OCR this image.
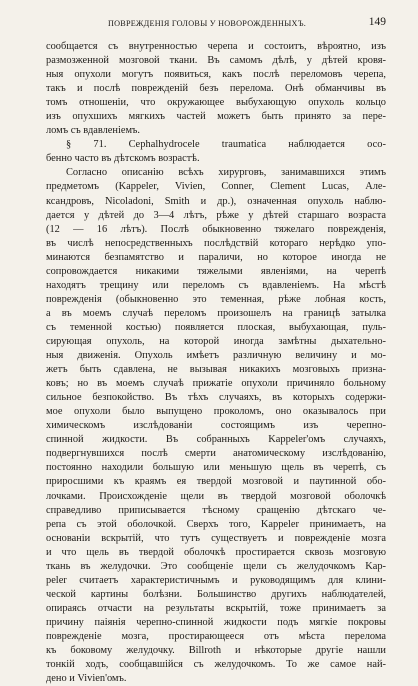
ПОВРЕЖДЕНІЯ ГОЛОВЫ У НОВОРОЖДЕННЫХЪ.	149
сообщается съ внутренностью черепа и состоитъ, вѣроятно, изъ
размозженной мозговой ткани. Въ самомъ дѣлѣ, у дѣтей кровя-
ныя опухоли могутъ появиться, какъ послѣ переломовъ черепа,
такъ и послѣ поврежденій безъ перелома. Онѣ обманчивы въ
томъ отношеніи, что окружающее выбухающую опухоль кольцо
изъ опухшихъ мягкихъ частей можетъ быть принято за пере-
ломъ съ вдавленіемъ.
§ 71. Cephalhydrocele traumatica наблюдается осо-
бенно часто въ дѣтскомъ возрастѣ.
Согласно описанію всѣхъ хирурговъ, занимавшихся этимъ
предметомъ (Kappeler, Vivien, Conner, Clement Lucas, Але-
ксандровъ, Nicoladoni, Smith и др.), означенная опухоль наблю-
дается у дѣтей до 3—4 лѣтъ, рѣже у дѣтей старшаго возраста
(12 — 16 лѣтъ). Послѣ обыкновенно тяжелаго поврежденія,
въ числѣ непосредственныхъ послѣдствій котораго нерѣдко упо-
минаются безпамятство и параличи, но которое иногда не
сопровождается никакими тяжелыми явленіями, на черепѣ
находятъ трещину или переломъ съ вдавленіемъ. На мѣстѣ
поврежденія (обыкновенно это теменная, рѣже лобная кость,
а въ моемъ случаѣ переломъ произошелъ на границѣ затылка
съ теменной костью) появляется плоская, выбухающая, пуль-
сирующая опухоль, на которой иногда замѣтны дыхательно-
ныя движенія. Опухоль имѣетъ различную величину и мо-
жетъ быть сдавлена, не вызывая никакихъ мозговыхъ призна-
ковъ; но въ моемъ случаѣ прижатіе опухоли причиняло больному
сильное безпокойство. Въ тѣхъ случаяхъ, въ которыхъ содержи-
мое опухоли было выпущено проколомъ, оно оказывалось при
химическомъ изслѣдованіи состоящимъ изъ черепно-
спинной жидкости. Въ собранныхъ Kappeler'омъ случаяхъ,
подвергнувшихся послѣ смерти анатомическому изслѣдованію,
постоянно находили большую или меньшую щель въ черепѣ, съ
приросшими къ краямъ ея твердой мозговой и паутинной обо-
лочками. Происхожденіе щели въ твердой мозговой оболочкѣ
справедливо приписывается тѣсному сращенію дѣтскаго че-
репа съ этой оболочкой. Сверхъ того, Kappeler принимаетъ, на
основаніи вскрытій, что тутъ существуетъ и поврежденіе мозга
и что щель въ твердой оболочкѣ простирается сквозь мозговую
ткань въ желудочки. Это сообщеніе щели съ желудочкомъ Kap-
peler считаетъ характеристичнымъ и руководящимъ для клини-
ческой картины болѣзни. Большинство другихъ наблюдателей,
опираясь отчасти на результаты вскрытій, тоже принимаетъ за
причину паіянія черепно-спинной жидкости подъ мягкіе покровы
поврежденіе мозга, простирающееся отъ мѣста перелома
къ боковому желудочку. Billroth и нѣкоторые другіе нашли
тонкій ходъ, сообщавшійся съ желудочкомъ. То же самое най-
дено и Vivien'омъ.
